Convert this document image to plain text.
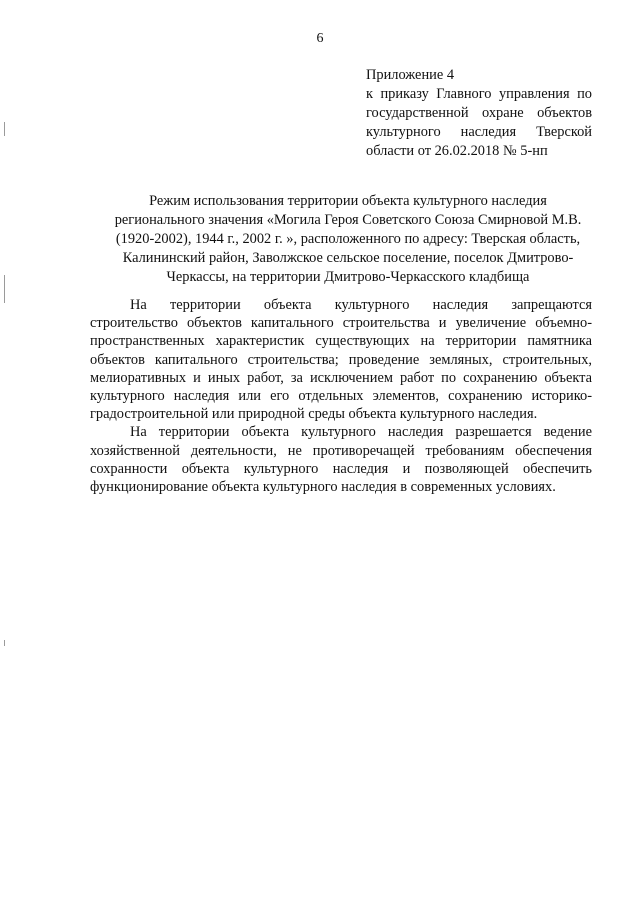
6
Приложение 4
к приказу Главного управления по
государственной охране объектов
культурного наследия Тверской
области от 26.02.2018 № 5-нп
Режим использования территории объекта культурного наследия
регионального значения «Могила Героя Советского Союза Смирновой М.В.
(1920-2002), 1944 г., 2002 г. », расположенного по адресу: Тверская область,
Калининский район, Заволжское сельское поселение, поселок Дмитрово-
Черкассы, на территории Дмитрово-Черкасского кладбища
На территории объекта культурного наследия запрещаются
строительство объектов капитального строительства и увеличение объемно-
пространственных характеристик существующих на территории памятника
объектов капитального строительства; проведение земляных, строительных,
мелиоративных и иных работ, за исключением работ по сохранению объекта
культурного наследия или его отдельных элементов, сохранению историко-
градостроительной или природной среды объекта культурного наследия.
На территории объекта культурного наследия разрешается ведение
хозяйственной деятельности, не противоречащей требованиям обеспечения
сохранности объекта культурного наследия и позволяющей обеспечить
функционирование объекта культурного наследия в современных условиях.
